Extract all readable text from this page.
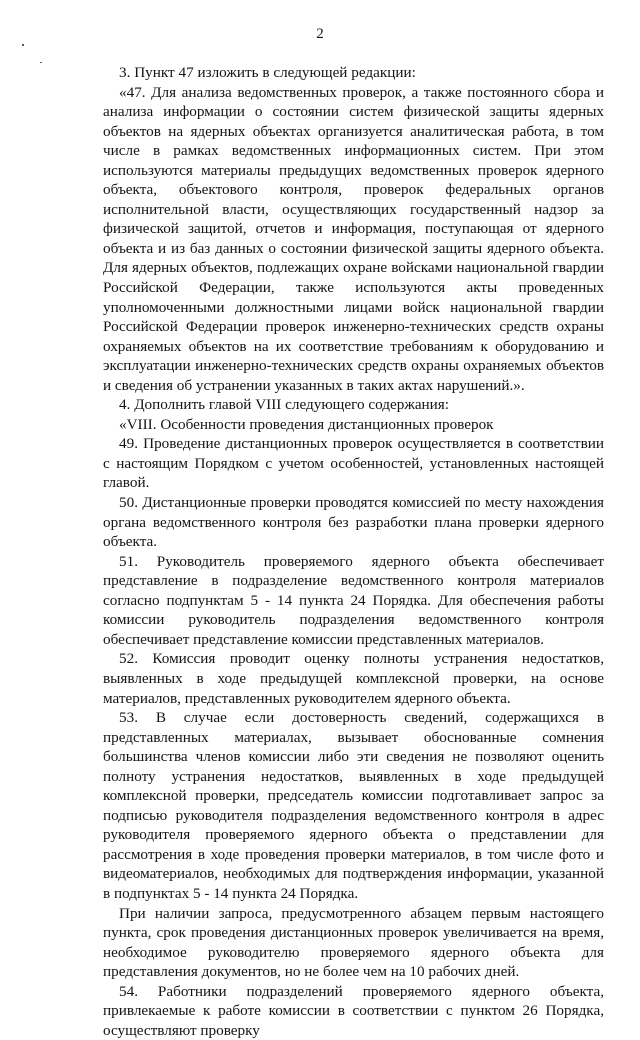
2

3. Пункт 47 изложить в следующей редакции:

«47. Для анализа ведомственных проверок, а также постоянного сбора и анализа информации о состоянии систем физической защиты ядерных объектов на ядерных объектах организуется аналитическая работа, в том числе в рамках ведомственных информационных систем. При этом используются материалы предыдущих ведомственных проверок ядерного объекта, объектового контроля, проверок федеральных органов исполнительной власти, осуществляющих государственный надзор за физической защитой, отчетов и информация, поступающая от ядерного объекта и из баз данных о состоянии физической защиты ядерного объекта. Для ядерных объектов, подлежащих охране войсками национальной гвардии Российской Федерации, также используются акты проведенных уполномоченными должностными лицами войск национальной гвардии Российской Федерации проверок инженерно-технических средств охраны охраняемых объектов на их соответствие требованиям к оборудованию и эксплуатации инженерно-технических средств охраны охраняемых объектов и сведения об устранении указанных в таких актах нарушений.».

4. Дополнить главой VIII следующего содержания:

«VIII. Особенности проведения дистанционных проверок

49. Проведение дистанционных проверок осуществляется в соответствии с настоящим Порядком с учетом особенностей, установленных настоящей главой.

50. Дистанционные проверки проводятся комиссией по месту нахождения органа ведомственного контроля без разработки плана проверки ядерного объекта.

51. Руководитель проверяемого ядерного объекта обеспечивает представление в подразделение ведомственного контроля материалов согласно подпунктам 5 - 14 пункта 24 Порядка. Для обеспечения работы комиссии руководитель подразделения ведомственного контроля обеспечивает представление комиссии представленных материалов.

52. Комиссия проводит оценку полноты устранения недостатков, выявленных в ходе предыдущей комплексной проверки, на основе материалов, представленных руководителем ядерного объекта.

53. В случае если достоверность сведений, содержащихся в представленных материалах, вызывает обоснованные сомнения большинства членов комиссии либо эти сведения не позволяют оценить полноту устранения недостатков, выявленных в ходе предыдущей комплексной проверки, председатель комиссии подготавливает запрос за подписью руководителя подразделения ведомственного контроля в адрес руководителя проверяемого ядерного объекта о представлении для рассмотрения в ходе проведения проверки материалов, в том числе фото и видеоматериалов, необходимых для подтверждения информации, указанной в подпунктах 5 - 14 пункта 24 Порядка.

При наличии запроса, предусмотренного абзацем первым настоящего пункта, срок проведения дистанционных проверок увеличивается на время, необходимое руководителю проверяемого ядерного объекта для представления документов, но не более чем на 10 рабочих дней.

54. Работники подразделений проверяемого ядерного объекта, привлекаемые к работе комиссии в соответствии с пунктом 26 Порядка, осуществляют проверку
